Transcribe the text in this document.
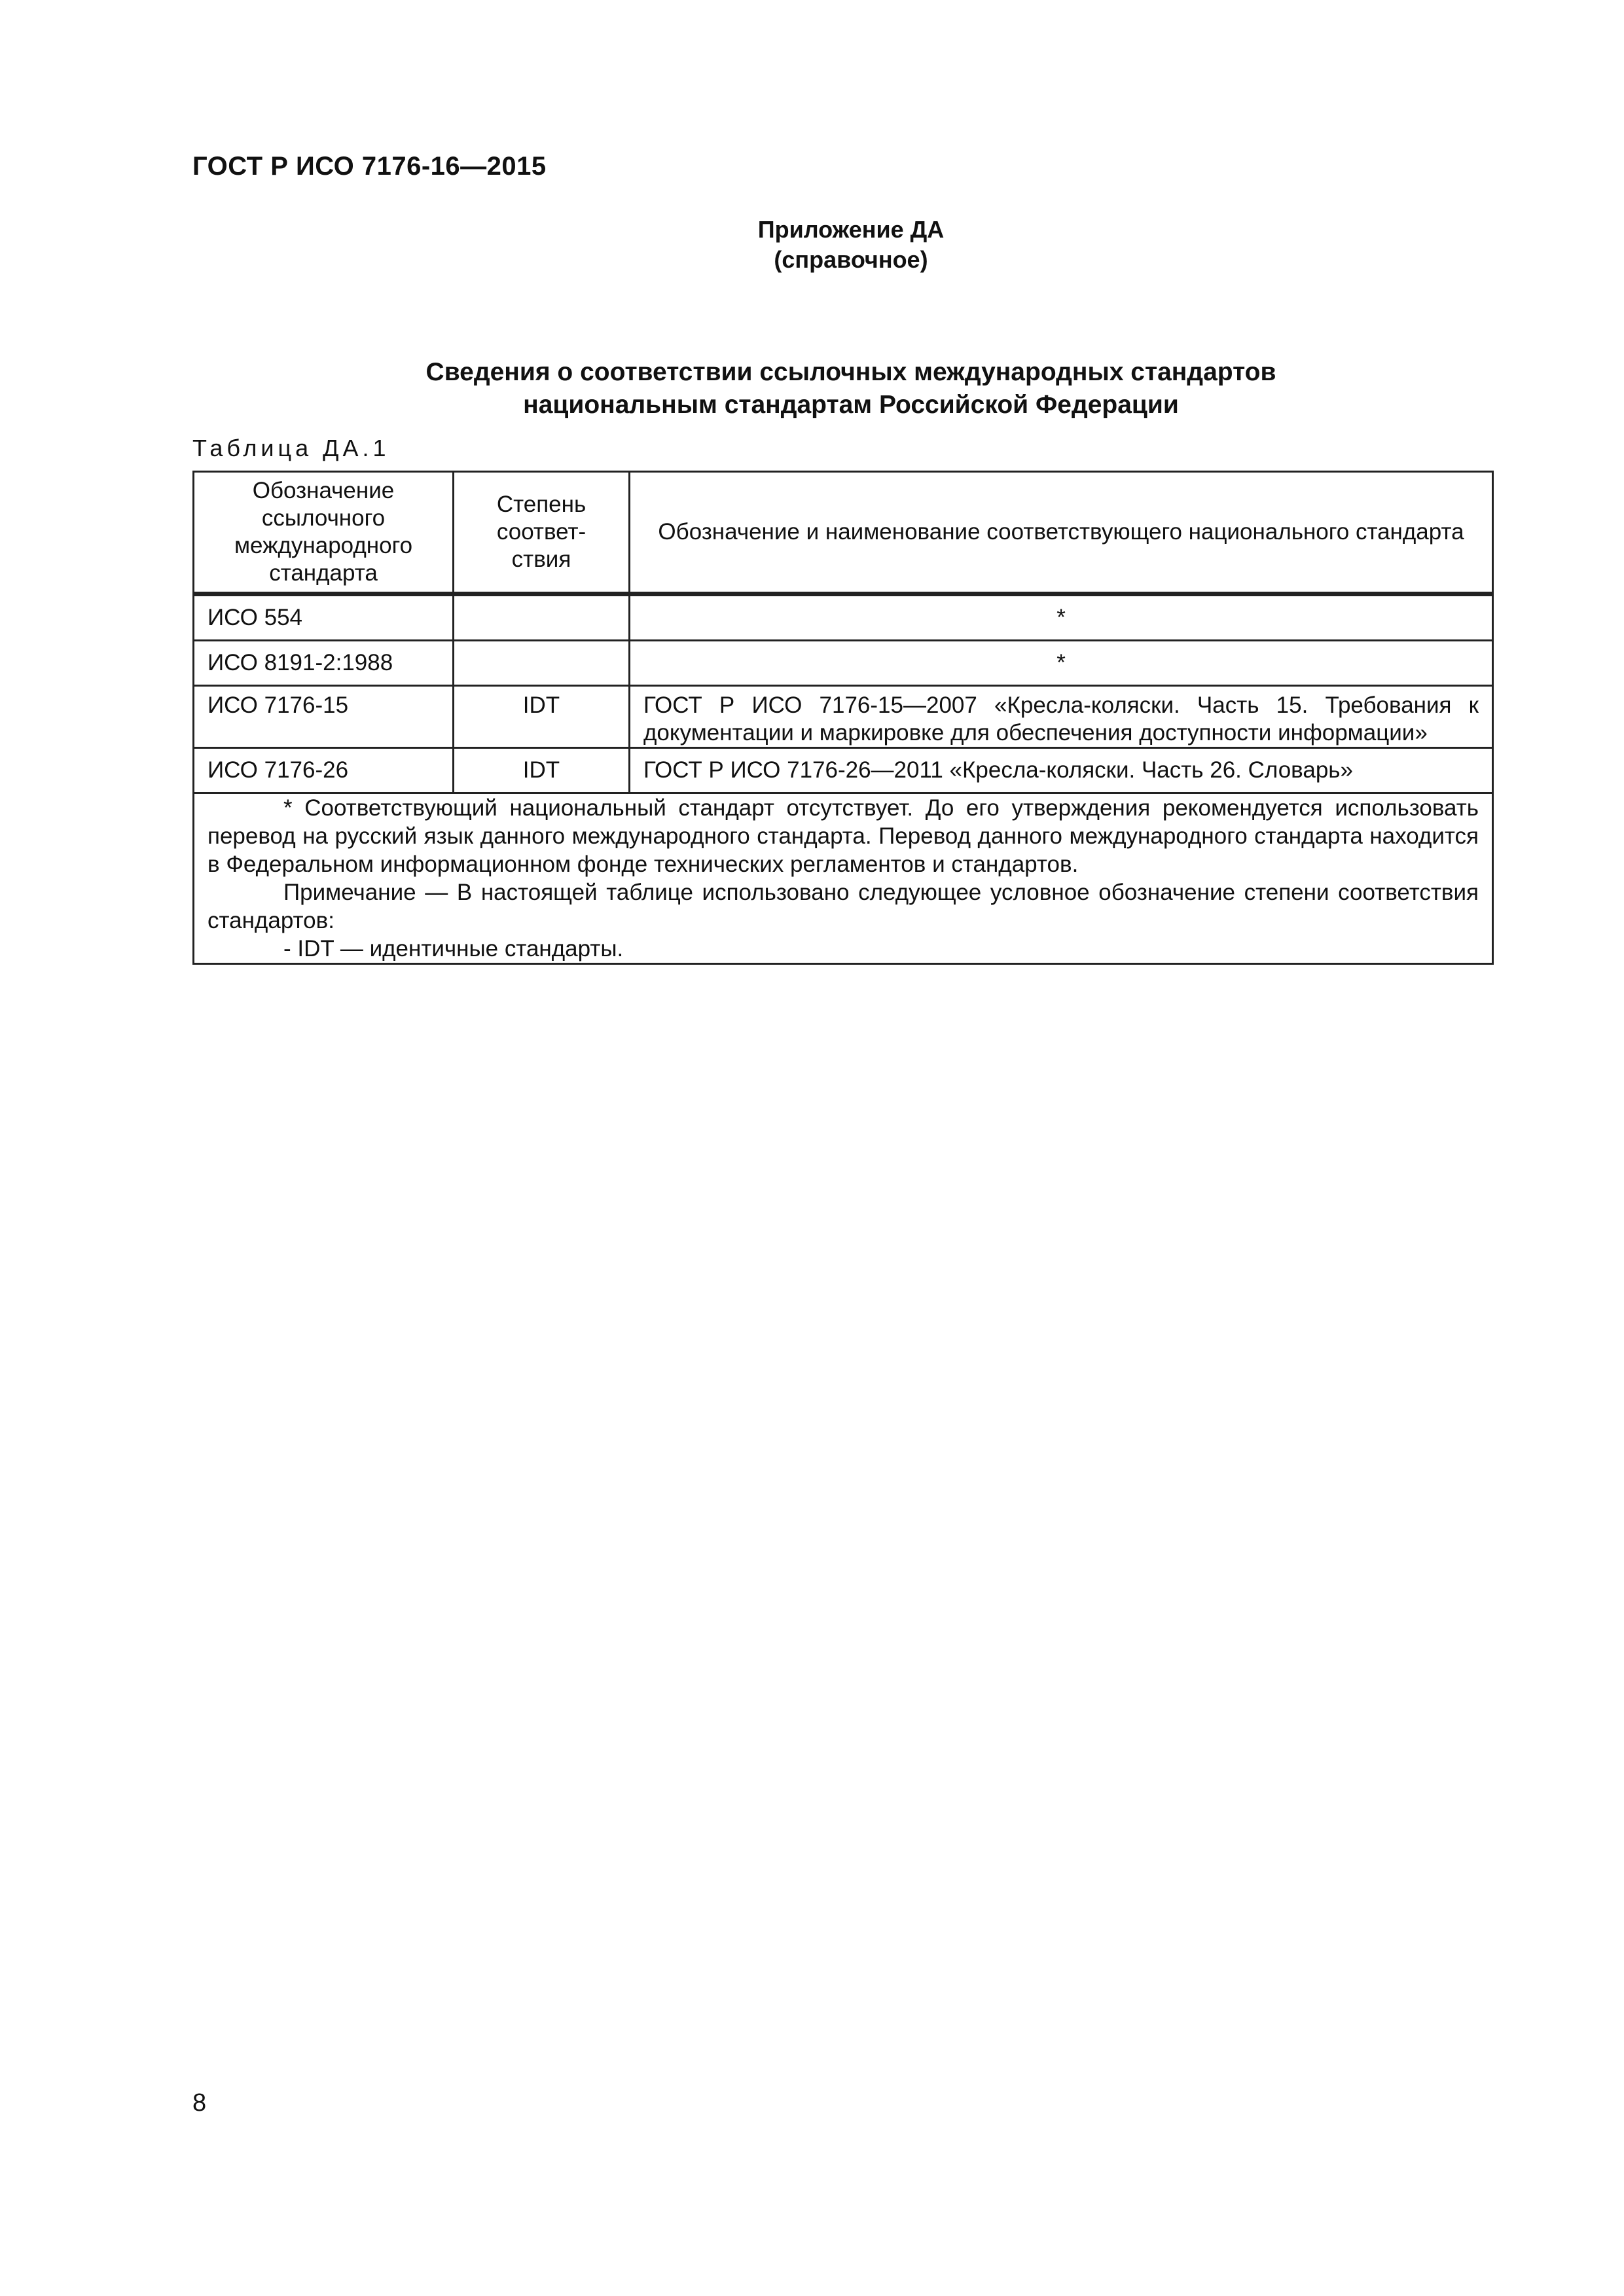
ГОСТ Р ИСО 7176-16—2015
Приложение ДА
(справочное)
Сведения о соответствии ссылочных международных стандартов
национальным стандартам Российской Федерации
Таблица ДА.1
Обозначение ссылочного международного стандарта	Степень соответ-ствия	Обозначение и наименование соответствующего национального стандарта
ИСО 554		*
ИСО 8191-2:1988		*
ИСО 7176-15	IDT	ГОСТ Р ИСО 7176-15—2007 «Кресла-коляски. Часть 15. Требования к документации и маркировке для обеспечения доступности информации»
ИСО 7176-26	IDT	ГОСТ Р ИСО 7176-26—2011 «Кресла-коляски. Часть 26. Словарь»

* Соответствующий национальный стандарт отсутствует. До его утверждения рекомендуется использовать перевод на русский язык данного международного стандарта. Перевод данного международного стандарта находится в Федеральном информационном фонде технических регламентов и стандартов.
Примечание — В настоящей таблице использовано следующее условное обозначение степени соответствия стандартов:
- IDT — идентичные стандарты.		
8
